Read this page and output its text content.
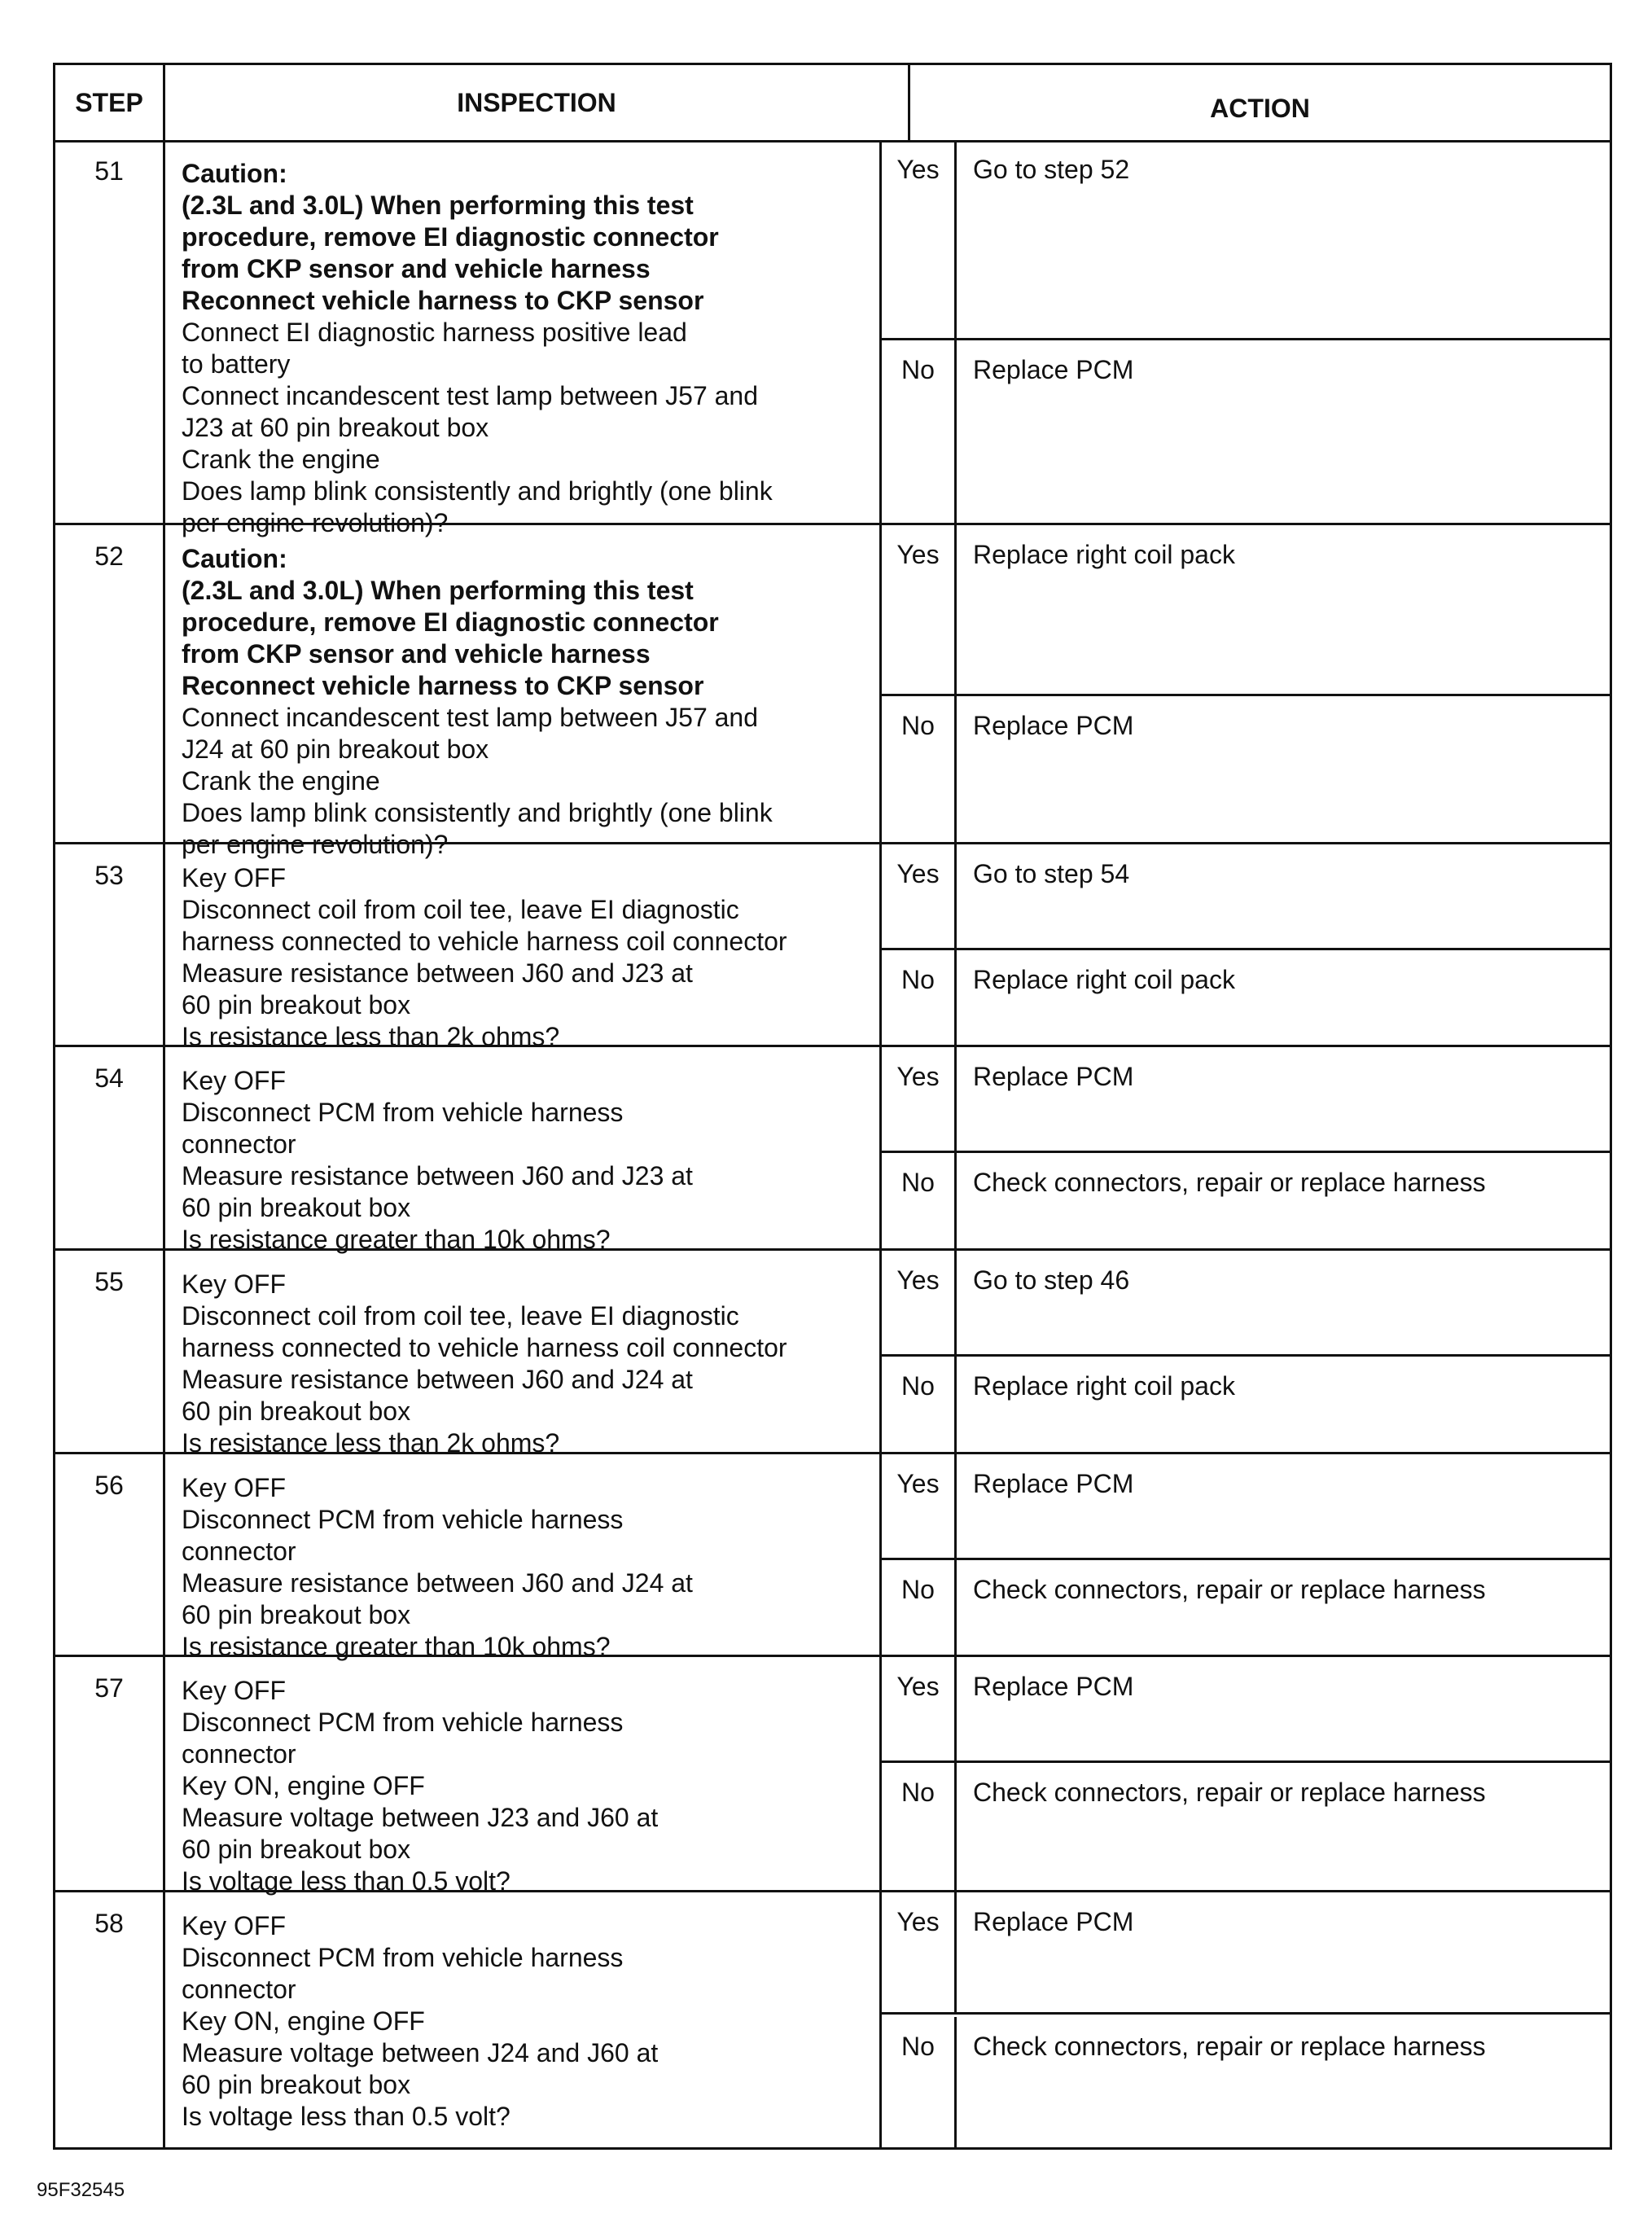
STEP	INSPECTION	ACTION
51	Caution:
(2.3L and 3.0L) When performing this test
procedure, remove EI diagnostic connector
from CKP sensor and vehicle harness
Reconnect vehicle harness to CKP sensor
Connect EI diagnostic harness positive lead
to battery
Connect incandescent test lamp between J57 and
J23 at 60 pin breakout box
Crank the engine
Does lamp blink consistently and brightly (one blink
per engine revolution)?
Yes	Go to step 52
No	Replace PCM
52	Caution:
(2.3L and 3.0L) When performing this test
procedure, remove EI diagnostic connector
from CKP sensor and vehicle harness
Reconnect vehicle harness to CKP sensor
Connect incandescent test lamp between J57 and
J24 at 60 pin breakout box
Crank the engine
Does lamp blink consistently and brightly (one blink
per engine revolution)?
Yes	Replace right coil pack
No	Replace PCM
53	Key OFF
Disconnect coil from coil tee, leave EI diagnostic
harness connected to vehicle harness coil connector
Measure resistance between J60 and J23 at
60 pin breakout box
Is resistance less than 2k ohms?
Yes	Go to step 54
No	Replace right coil pack
54	Key OFF
Disconnect PCM from vehicle harness
connector
Measure resistance between J60 and J23 at
60 pin breakout box
Is resistance greater than 10k ohms?
Yes	Replace PCM
No	Check connectors, repair or replace harness
55	Key OFF
Disconnect coil from coil tee, leave EI diagnostic
harness connected to vehicle harness coil connector
Measure resistance between J60 and J24 at
60 pin breakout box
Is resistance less than 2k ohms?
Yes	Go to step 46
No	Replace right coil pack
56	Key OFF
Disconnect PCM from vehicle harness
connector
Measure resistance between J60 and J24 at
60 pin breakout box
Is resistance greater than 10k ohms?
Yes	Replace PCM
No	Check connectors, repair or replace harness
57	Key OFF
Disconnect PCM from vehicle harness
connector
Key ON, engine OFF
Measure voltage between J23 and J60 at
60 pin breakout box
Is voltage less than 0.5 volt?
Yes	Replace PCM
No	Check connectors, repair or replace harness
58	Key OFF
Disconnect PCM from vehicle harness
connector
Key ON, engine OFF
Measure voltage between J24 and J60 at
60 pin breakout box
Is voltage less than 0.5 volt?
Yes	Replace PCM
No	Check connectors, repair or replace harness
95F32545
